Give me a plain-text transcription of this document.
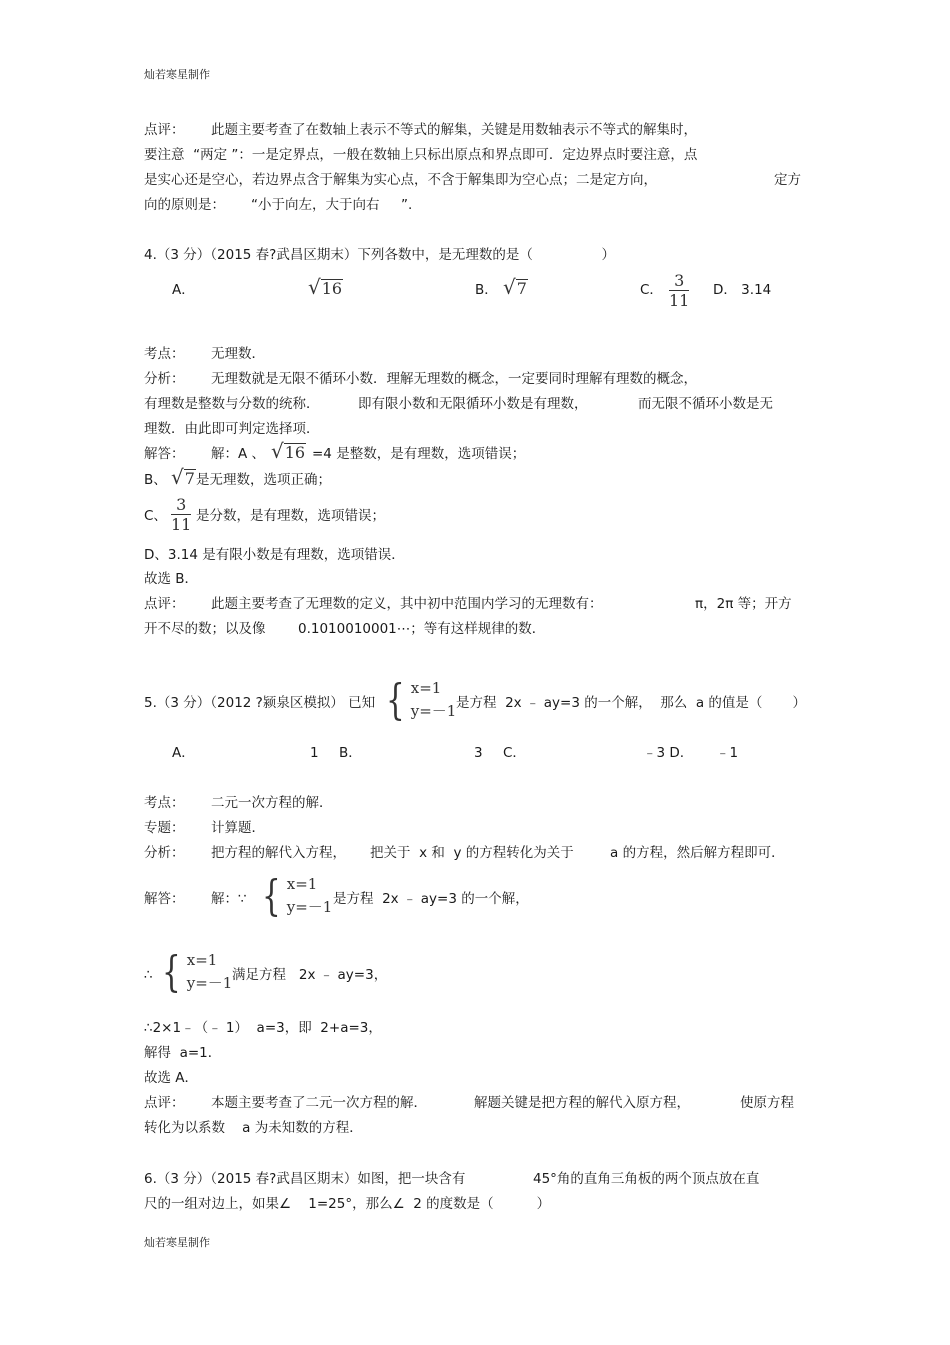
灿若寒星制作
灿若寒星制作
点评： 此题主要考查了在数轴上表示不等式的解集，关键是用数轴表示不等式的解集时，
要注意  “两定 ”：一是定界点，一般在数轴上只标出原点和界点即可．定边界点时要注意，点
是实心还是空心，若边界点含于解集为实心点，不含于解集即为空心点；二是定方向，	定方
向的原则是： “小于向左，大于向右 ”.
4.（3 分）（2015 春?武昌区期末）下列各数中，是无理数的是（                ）
A．	√ 16	B． √ 7	C． 3
11
D． 3.14
考点： 无理数．
分析： 无理数就是无限不循环小数．理解无理数的概念，一定要同时理解有理数的概念，
有理数是整数与分数的统称．	即有限小数和无限循环小数是有理数，	而无限不循环小数是无
理数．由此即可判定选择项．
解答： 解：A 、 √ 16 =4 是整数，是有理数，选项错误；
B、 √ 7 是无理数，选项正确；
C、
3
11 是分数，是有理数，选项错误；
D、3.14 是有限小数是有理数，选项错误．
故选 B．
点评： 此题主要考查了无理数的定义，其中初中范围内学习的无理数有：	π，2π 等；开方
开不尽的数；以及像 0.1010010001⋯；等有这样规律的数．
5.（3 分）（2012 ?颍泉区模拟） 已知 { x=1
y=－1 是方程  2x ﹣ ay=3 的一个解，  那么  a 的值是（       ）
A．	1 B．	3 C．	﹣3 D. ﹣1
考点： 二元一次方程的解．
专题： 计算题．
分析： 把方程的解代入方程， 把关于  x 和  y 的方程转化为关于	a 的方程，然后解方程即可．
解答： 解：∵ { x=1
y=－1 是方程  2x ﹣ ay=3 的一个解，
∴ { x=1
y=－1 满足方程   2x ﹣ ay=3，
∴2×1﹣（﹣ 1）  a=3，即  2+a=3，
解得  a=1．
故选 A．
点评： 本题主要考查了二元一次方程的解．	解题关键是把方程的解代入原方程，	使原方程
转化为以系数    a 为未知数的方程．
6.（3 分）（2015 春?武昌区期末）如图，把一块含有	45°角的直角三角板的两个顶点放在直
尺的一组对边上，如果∠    1=25°，那么∠  2 的度数是（          ）
